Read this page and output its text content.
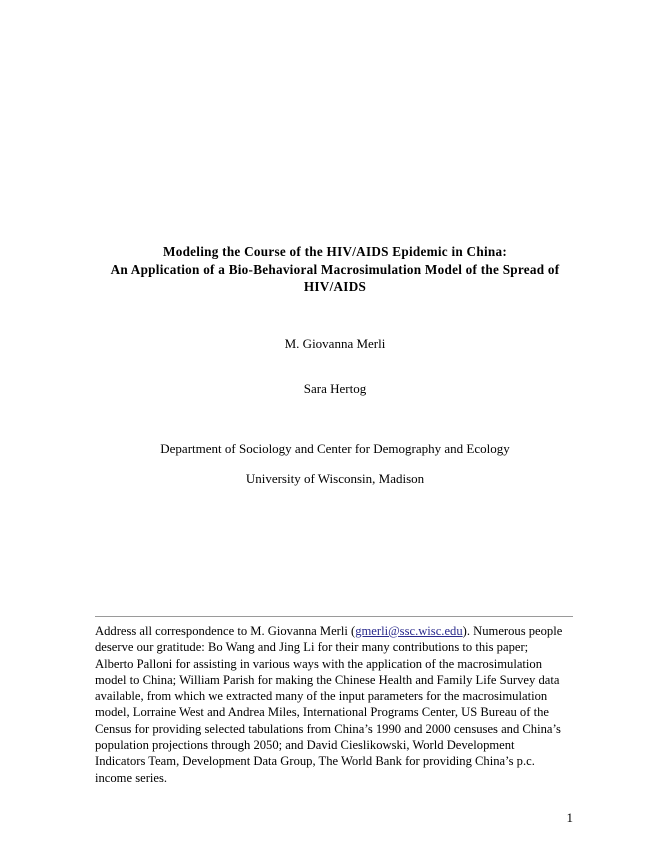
Modeling the Course of the HIV/AIDS Epidemic in China:
An Application of a Bio-Behavioral Macrosimulation Model of the Spread of
HIV/AIDS
M. Giovanna Merli
Sara Hertog
Department of Sociology and Center for Demography and Ecology
University of Wisconsin, Madison
Address all correspondence to M. Giovanna Merli (gmerli@ssc.wisc.edu). Numerous people deserve our gratitude: Bo Wang and Jing Li for their many contributions to this paper; Alberto Palloni for assisting in various ways with the application of the macrosimulation model to China; William Parish for making the Chinese Health and Family Life Survey data available, from which we extracted many of the input parameters for the macrosimulation model, Lorraine West and Andrea Miles, International Programs Center, US Bureau of the Census for providing selected tabulations from China’s 1990 and 2000 censuses and China’s population projections through 2050; and David Cieslikowski, World Development Indicators Team, Development Data Group, The World Bank for providing China’s p.c. income series.
1
